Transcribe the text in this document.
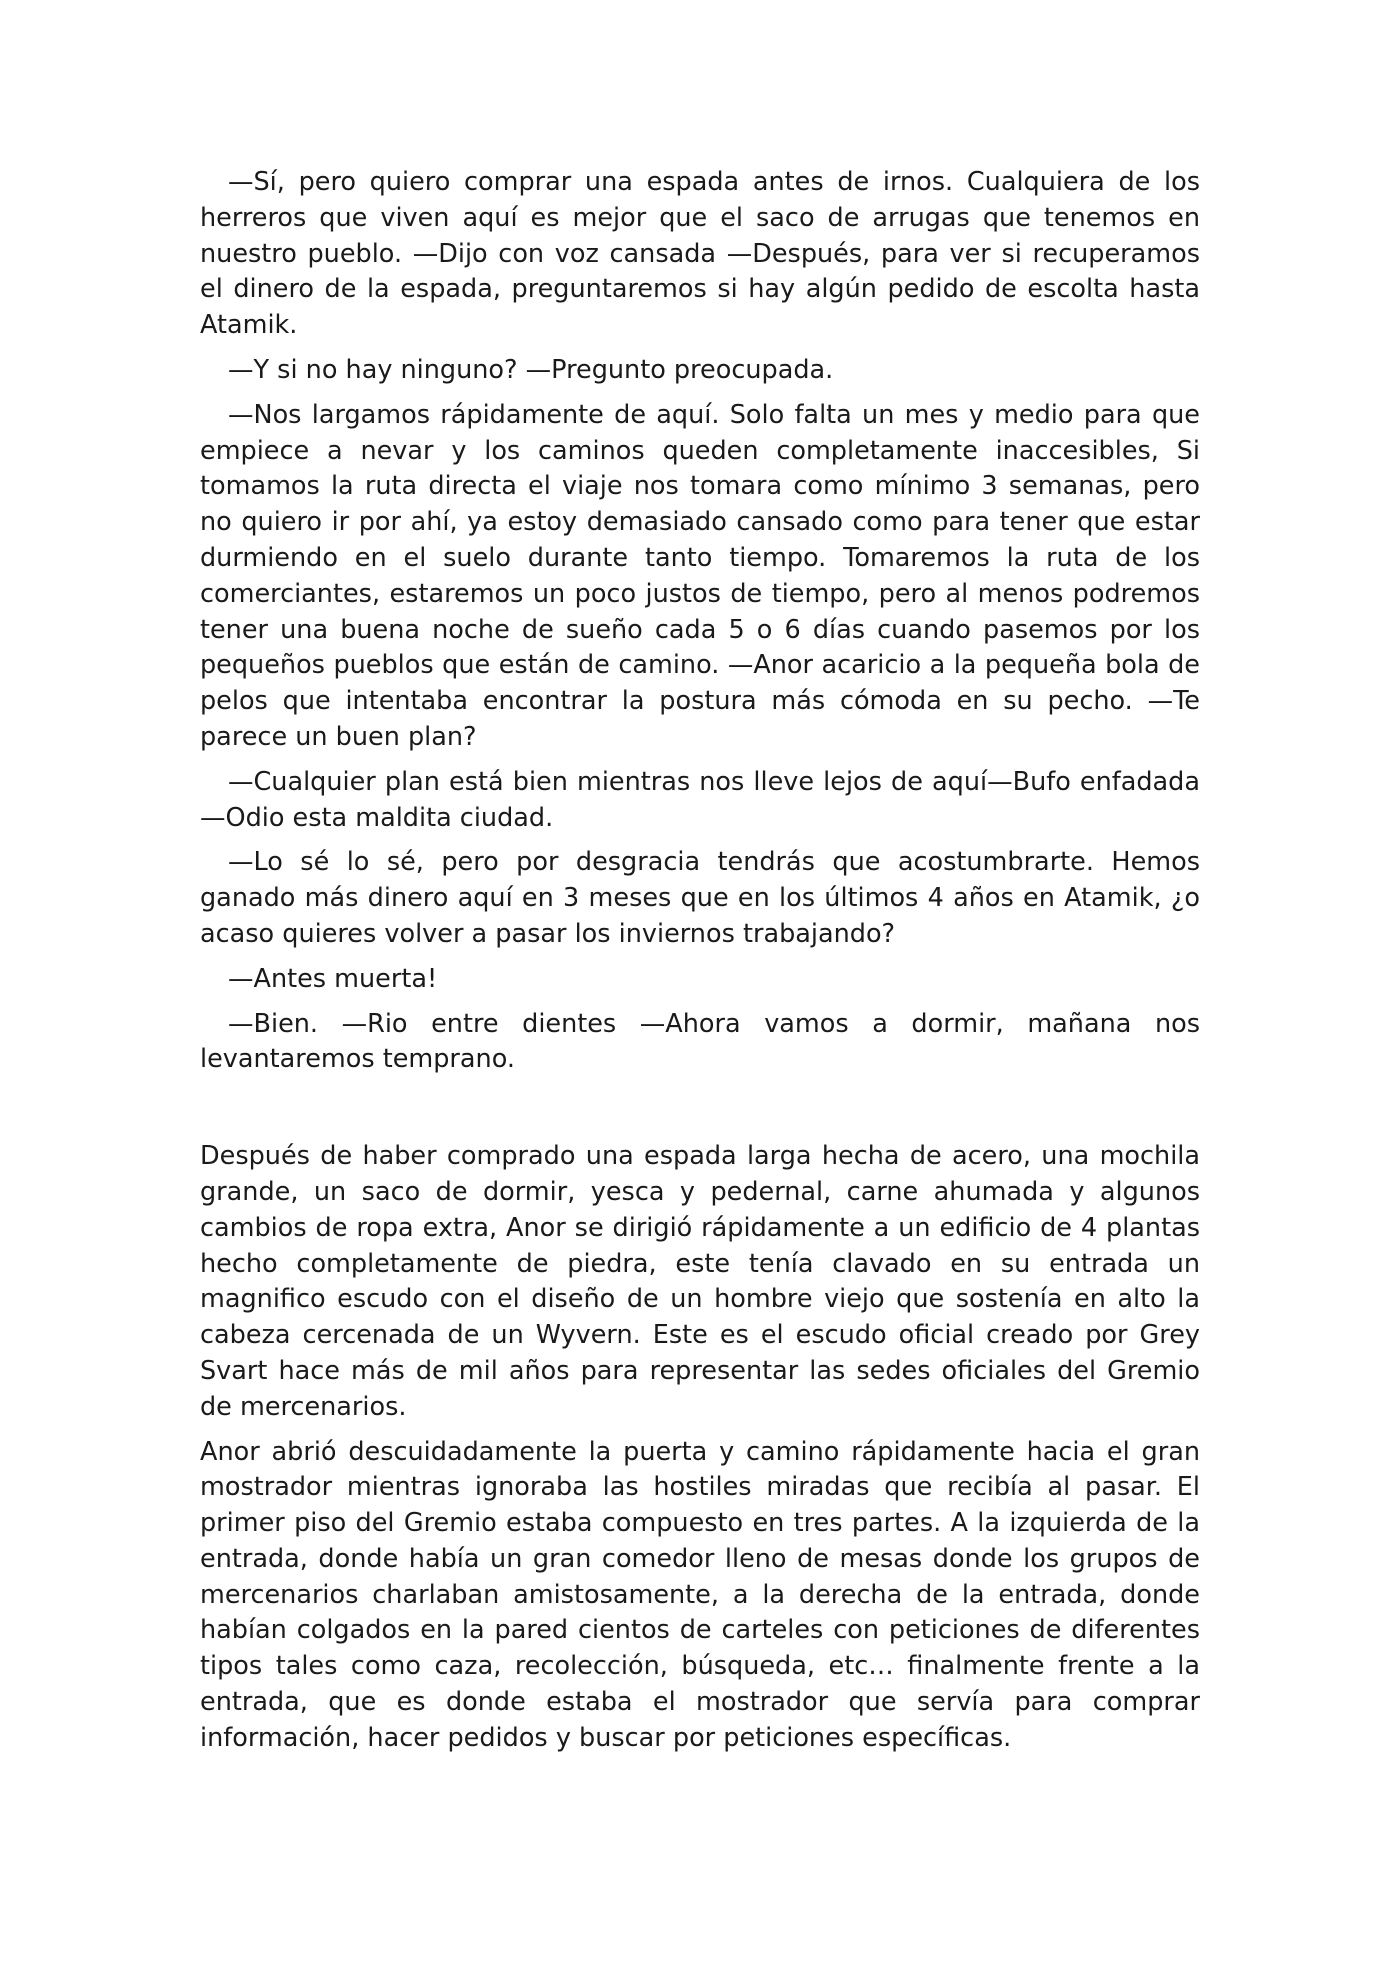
—Sí, pero quiero comprar una espada antes de irnos. Cualquiera de los herreros que viven aquí es mejor que el saco de arrugas que tenemos en nuestro pueblo. —Dijo con voz cansada —Después, para ver si recuperamos el dinero de la espada, preguntaremos si hay algún pedido de escolta hasta Atamik.

—Y si no hay ninguno? —Pregunto preocupada.

—Nos largamos rápidamente de aquí. Solo falta un mes y medio para que empiece a nevar y los caminos queden completamente inaccesibles, Si tomamos la ruta directa el viaje nos tomara como mínimo 3 semanas, pero no quiero ir por ahí, ya estoy demasiado cansado como para tener que estar durmiendo en el suelo durante tanto tiempo. Tomaremos la ruta de los comerciantes, estaremos un poco justos de tiempo, pero al menos podremos tener una buena noche de sueño cada 5 o 6 días cuando pasemos por los pequeños pueblos que están de camino. —Anor acaricio a la pequeña bola de pelos que intentaba encontrar la postura más cómoda en su pecho. —Te parece un buen plan?

—Cualquier plan está bien mientras nos lleve lejos de aquí—Bufo enfadada —Odio esta maldita ciudad.

—Lo sé lo sé, pero por desgracia tendrás que acostumbrarte. Hemos ganado más dinero aquí en 3 meses que en los últimos 4 años en Atamik, ¿o acaso quieres volver a pasar los inviernos trabajando?

—Antes muerta!

—Bien. —Rio entre dientes —Ahora vamos a dormir, mañana nos levantaremos temprano.

Después de haber comprado una espada larga hecha de acero, una mochila grande, un saco de dormir, yesca y pedernal, carne ahumada y algunos cambios de ropa extra, Anor se dirigió rápidamente a un edificio de 4 plantas hecho completamente de piedra, este tenía clavado en su entrada un magnifico escudo con el diseño de un hombre viejo que sostenía en alto la cabeza cercenada de un Wyvern. Este es el escudo oficial creado por Grey Svart hace más de mil años para representar las sedes oficiales del Gremio de mercenarios.

Anor abrió descuidadamente la puerta y camino rápidamente hacia el gran mostrador mientras ignoraba las hostiles miradas que recibía al pasar. El primer piso del Gremio estaba compuesto en tres partes. A la izquierda de la entrada, donde había un gran comedor lleno de mesas donde los grupos de mercenarios charlaban amistosamente, a la derecha de la entrada, donde habían colgados en la pared cientos de carteles con peticiones de diferentes tipos tales como caza, recolección, búsqueda, etc… finalmente frente a la entrada, que es donde estaba el mostrador que servía para comprar información, hacer pedidos y buscar por peticiones específicas.
